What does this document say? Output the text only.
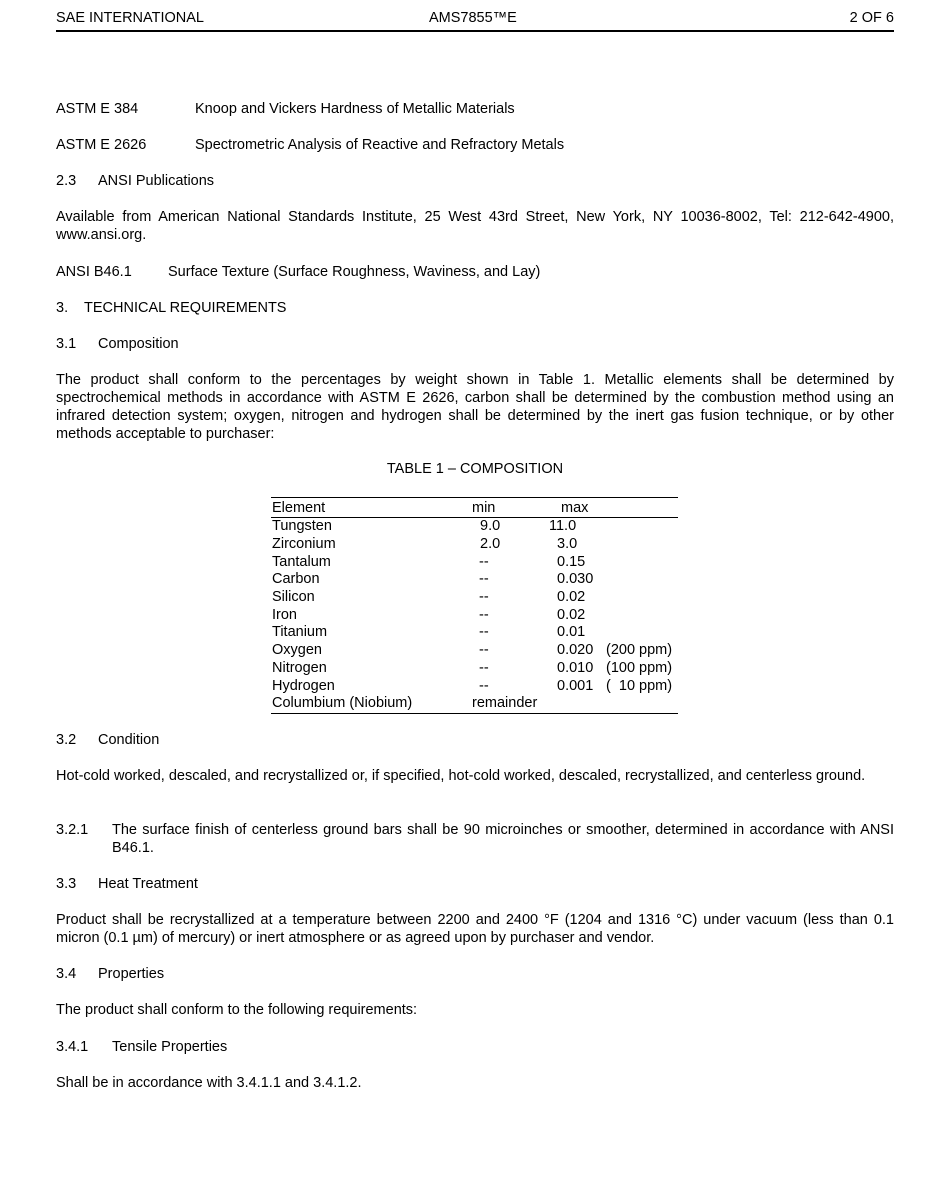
SAE INTERNATIONAL	AMS7855™E	2 OF 6
ASTM E 384	Knoop and Vickers Hardness of Metallic Materials
ASTM E 2626	Spectrometric Analysis of Reactive and Refractory Metals
2.3 ANSI Publications
Available from American National Standards Institute, 25 West 43rd Street, New York, NY 10036-8002, Tel: 212-642-4900, www.ansi.org.
ANSI B46.1 Surface Texture (Surface Roughness, Waviness, and Lay)
3. TECHNICAL REQUIREMENTS
3.1 Composition
The product shall conform to the percentages by weight shown in Table 1. Metallic elements shall be determined by spectrochemical methods in accordance with ASTM E 2626, carbon shall be determined by the combustion method using an infrared detection system; oxygen, nitrogen and hydrogen shall be determined by the inert gas fusion technique, or by other methods acceptable to purchaser:
TABLE 1 – COMPOSITION
Element	min	max
Tungsten	9.0	11.0
Zirconium	2.0	3.0
Tantalum	--	0.15
Carbon	--	0.030
Silicon	--	0.02
Iron	--	0.02
Titanium	--	0.01
Oxygen	--	0.020 (200 ppm)
Nitrogen	--	0.010 (100 ppm)
Hydrogen	--	0.001 (  10 ppm)
Columbium (Niobium)	remainder
3.2 Condition
Hot-cold worked, descaled, and recrystallized or, if specified, hot-cold worked, descaled, recrystallized, and centerless ground.
3.2.1 The surface finish of centerless ground bars shall be 90 microinches or smoother, determined in accordance with ANSI B46.1.
3.3 Heat Treatment
Product shall be recrystallized at a temperature between 2200 and 2400 °F (1204 and 1316 °C) under vacuum (less than 0.1 micron (0.1 µm) of mercury) or inert atmosphere or as agreed upon by purchaser and vendor.
3.4 Properties
The product shall conform to the following requirements:
3.4.1 Tensile Properties
Shall be in accordance with 3.4.1.1 and 3.4.1.2.
